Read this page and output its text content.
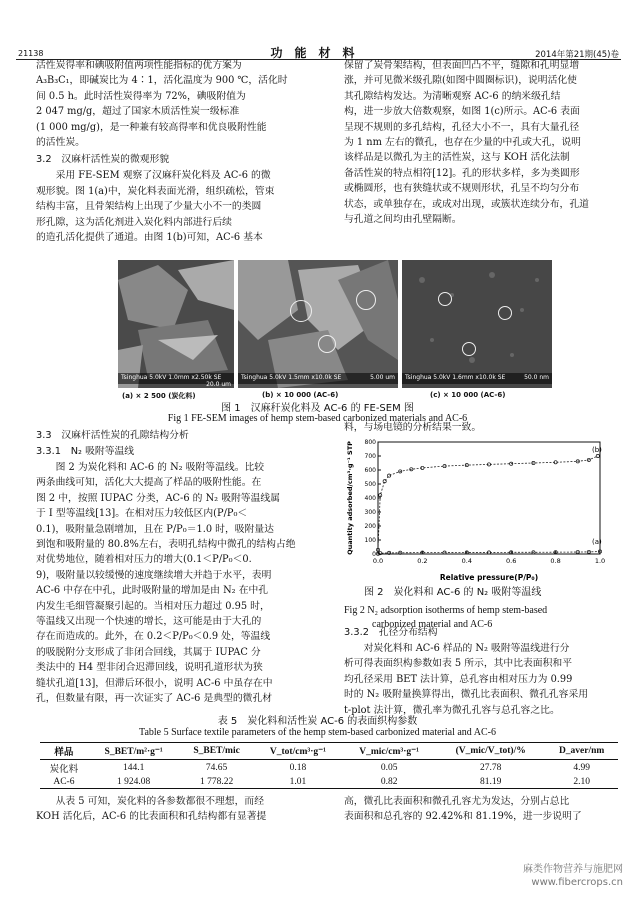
21138	功能材料	2014年第21期(45)卷

活性炭得率和碘吸附值两项性能指标的优方案为

A₃B₃C₁，即碱炭比为 4∶1，活化温度为 900 ℃，活化时

间 0.5 h。此时活性炭得率为 72%，碘吸附值为

2 047 mg/g，超过了国家木质活性炭一级标准

(1 000 mg/g)，是一种兼有较高得率和优良吸附性能

的活性炭。

3.2　汉麻杆活性炭的微观形貌

采用 FE-SEM 观察了汉麻秆炭化料及 AC-6 的微

观形貌。图 1(a)中，炭化料表面光滑，组织疏松，管束

结构丰富，且骨架结构上出现了少量大小不一的类圆

形孔隙，这为活化剂进入炭化料内部进行后续

的造孔活化提供了通道。由图 1(b)可知，AC-6 基本

保留了炭骨架结构，但表面凹凸不平，缝隙和孔明显增

涨，并可见微米级孔隙(如图中圆圈标识)，说明活化使

其孔隙结构发达。为清晰观察 AC-6 的纳米级孔结

构，进一步放大倍数观察，如图 1(c)所示。AC-6 表面

呈现不规则的多孔结构，孔径大小不一，具有大量孔径

为 1 nm 左右的微孔，也存在少量的中孔或大孔，说明

该样品是以微孔为主的活性炭，这与 KOH 活化法制

备活性炭的特点相符[12]。孔的形状多样，多为类圆形

或椭圆形，也有狭缝状或不规则形状，孔呈不均匀分布

状态，或单独存在，或成对出现，或簇状连续分布，孔道

与孔道之间均由孔壁隔断。

Tsinghua 5.0kV 1.0mm x2.50k SE
20.0 um
Tsinghua 5.0kV 1.5mm x10.0k SE	5.00 um	Tsinghua 5.0kV 1.6mm x10.0k SE	50.0 nm
(a) × 2 500 (炭化料)	(b) × 10 000 (AC-6)	(c) × 10 000 (AC-6)
图 1　汉麻秆炭化料及 AC-6 的 FE-SEM 图
Fig 1 FE-SEM images of hemp stem-based carbonized materials and AC-6

3.3　汉麻杆活性炭的孔隙结构分析

3.3.1　N₂ 吸附等温线

图 2 为炭化料和 AC-6 的 N₂ 吸附等温线。比较

两条曲线可知，活化大大提高了样品的吸附性能。在

图 2 中，按照 IUPAC 分类，AC-6 的 N₂ 吸附等温线属

于 I 型等温线[13]。在相对压力较低区内(P/P₀＜

0.1)，吸附量急剧增加，且在 P/P₀＝1.0 时，吸附量达

到饱和吸附量的 80.8%左右，表明孔结构中微孔的结构占绝

对优势地位，随着相对压力的增大(0.1＜P/P₀＜0.

9)，吸附量以较缓慢的速度继续增大并趋于水平，表明

AC-6 中存在中孔，此时吸附量的增加是由 N₂ 在中孔

内发生毛细管凝聚引起的。当相对压力超过 0.95 时，

等温线又出现一个快速的增长，这可能是由于大孔的

存在而造成的。此外，在 0.2＜P/P₀＜0.9 处，等温线

的吸脱附分支形成了非闭合回线，其属于 IUPAC 分

类法中的 H4 型非闭合迟滞回线，说明孔道形状为狭

缝状孔道[13]，但滞后环很小，说明 AC-6 中虽存在中

孔，但数量有限，再一次证实了 AC-6 是典型的微孔材

料，与场电镜的分析结果一致。

0.0	0.2	0.4	0.6	0.8	1.0
0
100
200
300
400
500
600
700
800
(b)
(a)
Relative pressure(P/P₀)
Quantity adsorbed/cm³·g⁻¹ STP
图 2　炭化料和 AC-6 的 N₂ 吸附等温线
Fig 2 N₂ adsorption isotherms of hemp stem-based
carbonized material and AC-6

3.3.2　孔径分布结构

对炭化料和 AC-6 样品的 N₂ 吸附等温线进行分

析可得表面织构参数如表 5 所示，其中比表面积和平

均孔径采用 BET 法计算，总孔容由相对压力为 0.99

时的 N₂ 吸附量换算得出，微孔比表面积、微孔孔容采用

t-plot 法计算，微孔率为微孔孔容与总孔容之比。

表 5　炭化料和活性炭 AC-6 的表面织构参数
Table 5 Surface textile parameters of the hemp stem-based carbonized material and AC-6
样品	S_BET/m²·g⁻¹	S_BET/mic	V_tot/cm³·g⁻¹	V_mic/cm³·g⁻¹	(V_mic/V_tot)/%	D_aver/nm
炭化料	144.1	74.65	0.18	0.05	27.78	4.99
AC-6	1 924.08	1 778.22	1.01	0.82	81.19	2.10

从表 5 可知，炭化料的各参数都很不理想，而经

KOH 活化后，AC-6 的比表面积和孔结构都有显著提

高，微孔比表面积和微孔孔容尤为发达，分别占总比

表面积和总孔容的 92.42%和 81.19%，进一步说明了

麻类作物营养与施肥网
www.fibercrops.cn
